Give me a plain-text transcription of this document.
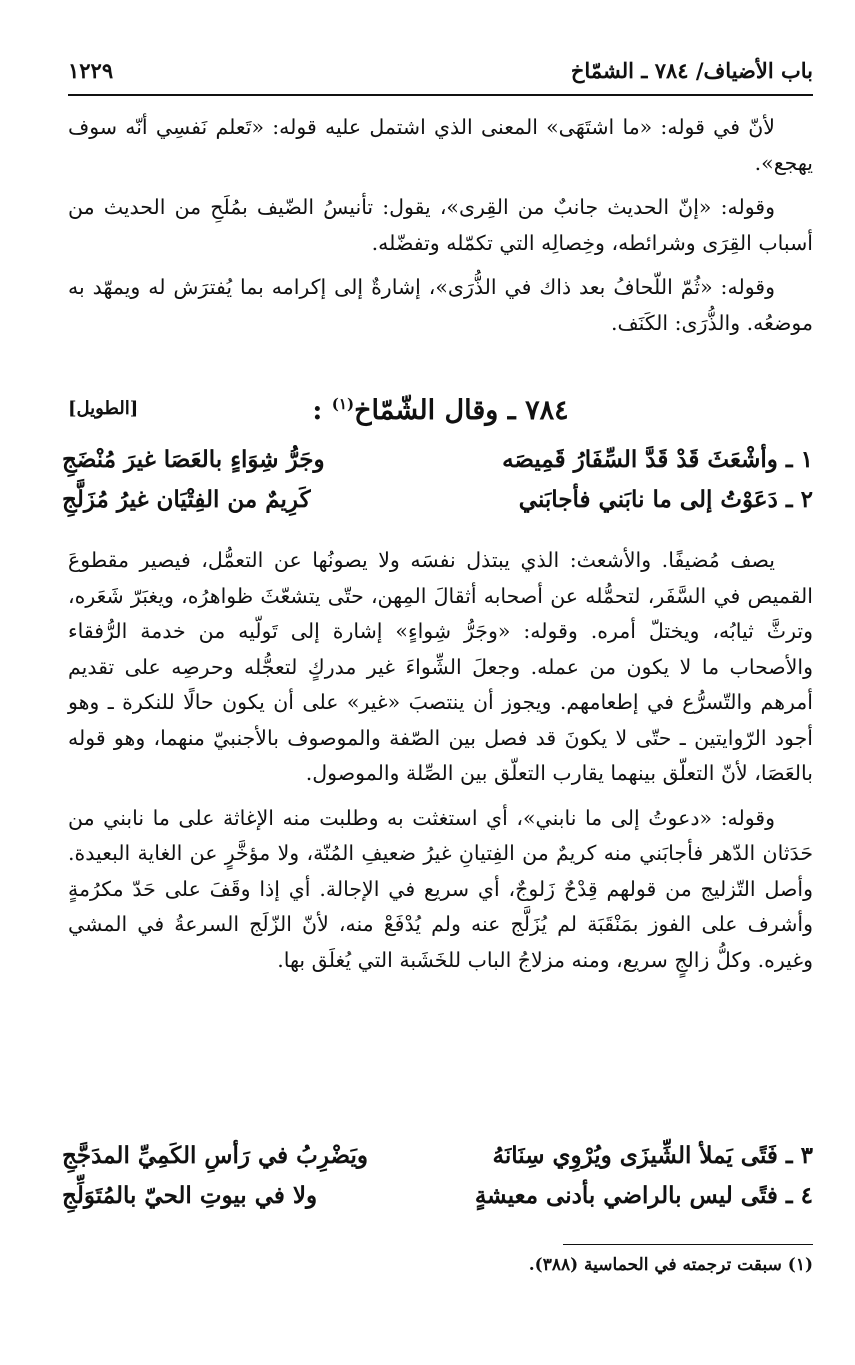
باب الأضياف/ ٧٨٤ ـ الشمّاخ
١٢٢٩

لأنّ في قوله: «ما اشتَهَى» المعنى الذي اشتمل عليه قوله: «تَعلم نَفسِي أنّه سوف يهجع».

وقوله: «إنّ الحديث جانبٌ من القِرى»، يقول: تأنيسُ الضّيف بمُلَحِ من الحديث من أسباب القِرَى وشرائطه، وخِصالِه التي تكمّله وتفضّله.

وقوله: «ثُمّ اللّحافُ بعد ذاك في الذُّرَى»، إشارةٌ إلى إكرامه بما يُفترَش له ويمهّد به موضعُه. والذُّرَى: الكَنَف.

٧٨٤ ـ وقال الشّمّاخ$^{(١)}$ :
[الطويل]
١ ـ وأشْعَثَ قَدْ قَدَّ السِّفَارُ قَمِيصَه
وجَرُّ شِوَاءٍ بالعَصَا غيرَ مُنْضَجِ
٢ ـ دَعَوْتُ إلى ما نابَني فأجابَني
كَرِيمٌ من الفِتْيَان غيرُ مُزَلَّجِ

يصف مُضيفًا. والأشعث: الذي يبتذل نفسَه ولا يصونُها عن التعمُّل، فيصير مقطوعَ القميص في السَّفَر، لتحمُّله عن أصحابه أثقالَ المِهن، حتّى يتشعّثَ ظواهرُه، ويغبَرّ شَعَره، وترثَّ ثيابُه، ويختلّ أمره. وقوله: «وجَرُّ شِواءٍ» إشارة إلى تَولّيه من خدمة الرُّفقاء والأصحاب ما لا يكون من عمله. وجعلَ الشِّواءَ غير مدركٍ لتعجُّله وحرصِه على تقديم أمرهم والتّسرُّع في إطعامهم. ويجوز أن ينتصبَ «غير» على أن يكون حالًا للنكرة ـ وهو أجود الرّوايتين ـ حتّى لا يكونَ قد فصل بين الصّفة والموصوف بالأجنبيّ منهما، وهو قوله بالعَصَا، لأنّ التعلّق بينهما يقارب التعلّق بين الصِّلة والموصول.

وقوله: «دعوتُ إلى ما نابني»، أي استغثت به وطلبت منه الإغاثة على ما نابني من حَدَثان الدّهر فأجابَني منه كريمٌ من الفِتيانِ غيرُ ضعيفِ المُنّة، ولا مؤخَّرٍ عن الغاية البعيدة. وأصل التّزليج من قولهم قِدْحٌ زَلوجٌ، أي سريع في الإجالة. أي إذا وقَفَ على حَدّ مكرُمةٍ وأشرف على الفوز بمَنْقَبَة لم يُزَلَّج عنه ولم يُدْفَعْ منه، لأنّ الزّلَج السرعةُ في المشي وغيره. وكلُّ زالجٍ سريع، ومنه مزلاجُ الباب للخَشَبة التي يُغلَق بها.

٣ ـ فَتًى يَملأ الشِّيزَى ويُرْوِي سِنَانَهُ
ويَضْرِبُ في رَأسِ الكَمِيِّ المدَجَّجِ
٤ ـ فتًى ليس بالراضي بأدنى معيشةٍ
ولا في بيوتِ الحيّ بالمُتَوَلِّجِ
(١) سبقت ترجمته في الحماسية (٣٨٨).
